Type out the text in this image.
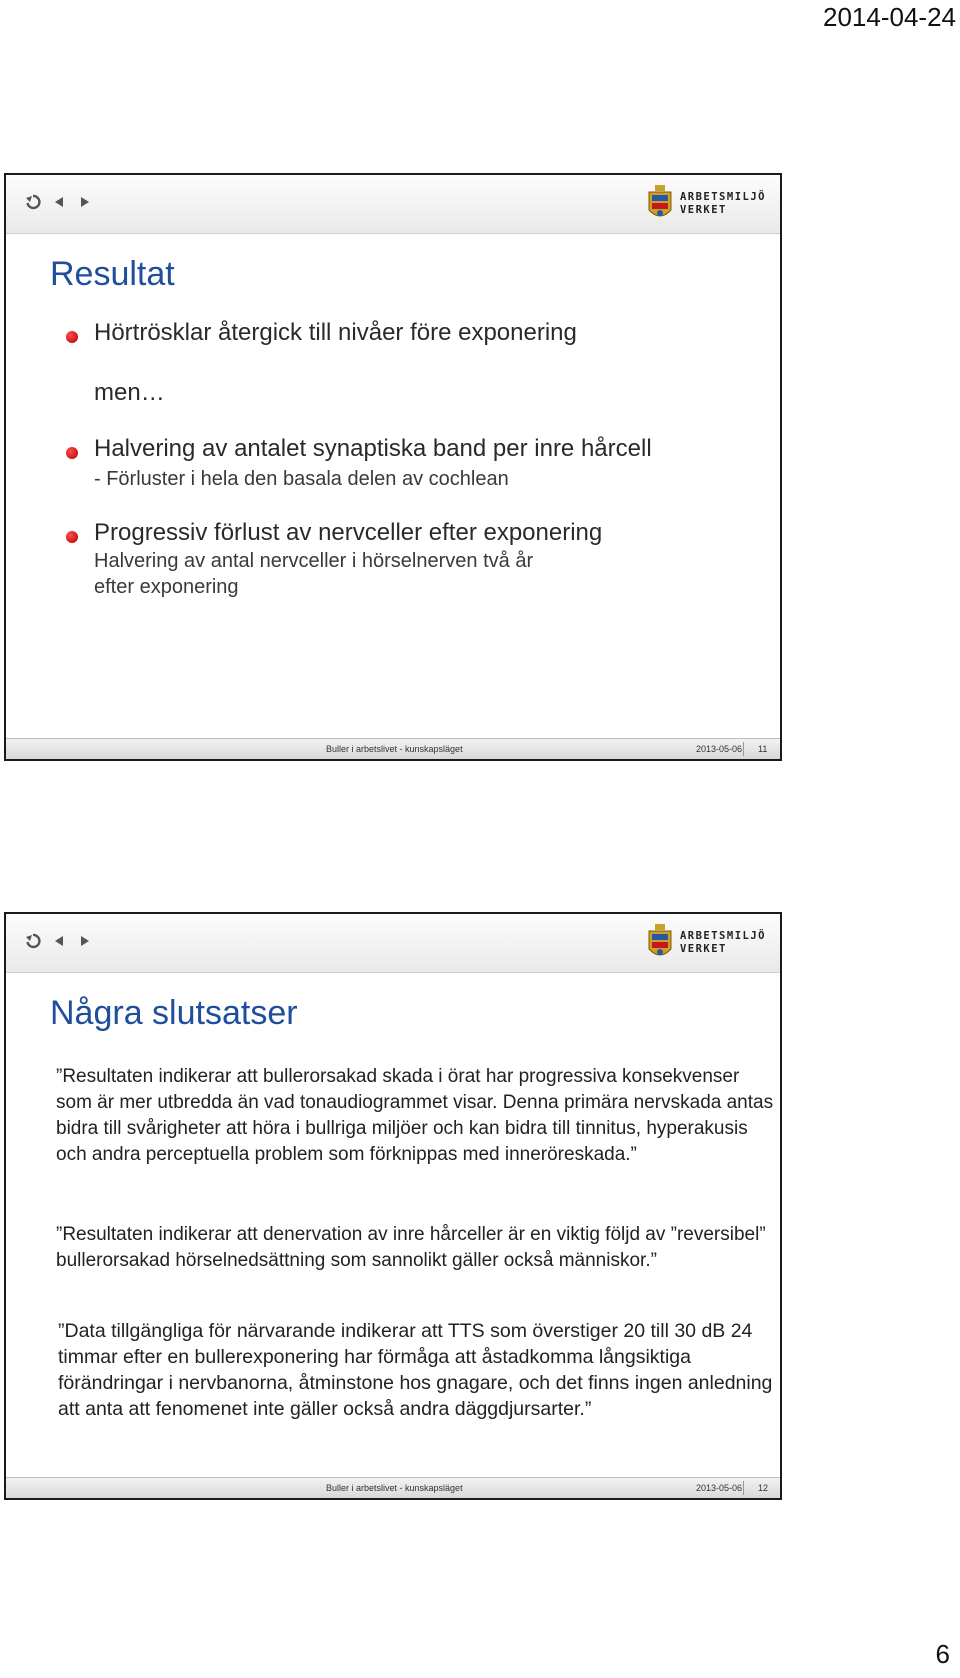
2014-04-24
ARBETSMILJÖ
VERKET
Resultat
Hörtrösklar återgick till nivåer före exponering
men…
Halvering av antalet synaptiska band per inre hårcell
- Förluster i hela den basala delen av cochlean
Progressiv förlust av nervceller efter exponering
Halvering av antal nervceller i hörselnerven två år
efter exponering
Buller i arbetslivet - kunskapsläget	2013-05-06 11
ARBETSMILJÖ
VERKET
Några slutsatser
”Resultaten indikerar att bullerorsakad skada i örat har progressiva konsekvenser som är mer utbredda än vad tonaudiogrammet visar. Denna primära nervskada antas bidra till svårigheter att höra i bullriga miljöer och kan bidra till tinnitus, hyperakusis och andra perceptuella problem som förknippas med inneröreskada.”
”Resultaten indikerar att denervation av inre hårceller är en viktig följd av ”reversibel” bullerorsakad hörselnedsättning som sannolikt gäller också människor.”
”Data tillgängliga för närvarande indikerar att TTS som överstiger 20 till 30 dB 24 timmar efter en bullerexponering har förmåga att åstadkomma långsiktiga förändringar i nervbanorna, åtminstone hos gnagare, och det finns ingen anledning att anta att fenomenet inte gäller också andra däggdjursarter.”
Buller i arbetslivet - kunskapsläget	2013-05-06 12
6
